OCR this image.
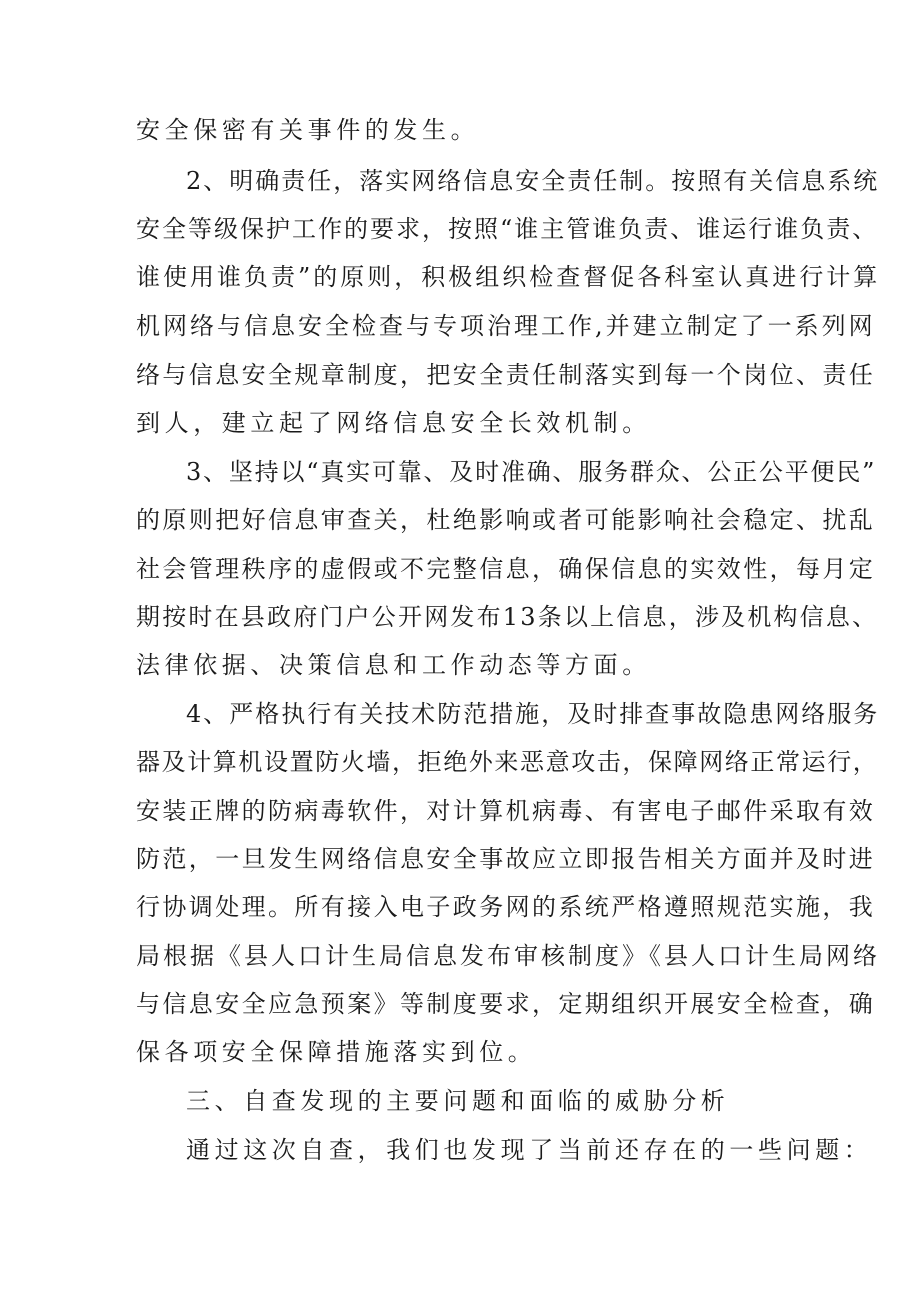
安全保密有关事件的发生。
2、明确责任，落实网络信息安全责任制。按照有关信息系统
安全等级保护工作的要求，按照“谁主管谁负责、谁运行谁负责、
谁使用谁负责”的原则，积极组织检查督促各科室认真进行计算
机网络与信息安全检查与专项治理工作,并建立制定了一系列网
络与信息安全规章制度，把安全责任制落实到每一个岗位、责任
到人，建立起了网络信息安全长效机制。
3、坚持以“真实可靠、及时准确、服务群众、公正公平便民”
的原则把好信息审查关，杜绝影响或者可能影响社会稳定、扰乱
社会管理秩序的虚假或不完整信息，确保信息的实效性，每月定
期按时在县政府门户公开网发布13条以上信息，涉及机构信息、
法律依据、决策信息和工作动态等方面。
4、严格执行有关技术防范措施，及时排查事故隐患网络服务
器及计算机设置防火墙，拒绝外来恶意攻击，保障网络正常运行，
安装正牌的防病毒软件，对计算机病毒、有害电子邮件采取有效
防范，一旦发生网络信息安全事故应立即报告相关方面并及时进
行协调处理。所有接入电子政务网的系统严格遵照规范实施，我
局根据《县人口计生局信息发布审核制度》《县人口计生局网络
与信息安全应急预案》等制度要求，定期组织开展安全检查，确
保各项安全保障措施落实到位。
三、自查发现的主要问题和面临的威胁分析
通过这次自查，我们也发现了当前还存在的一些问题：
